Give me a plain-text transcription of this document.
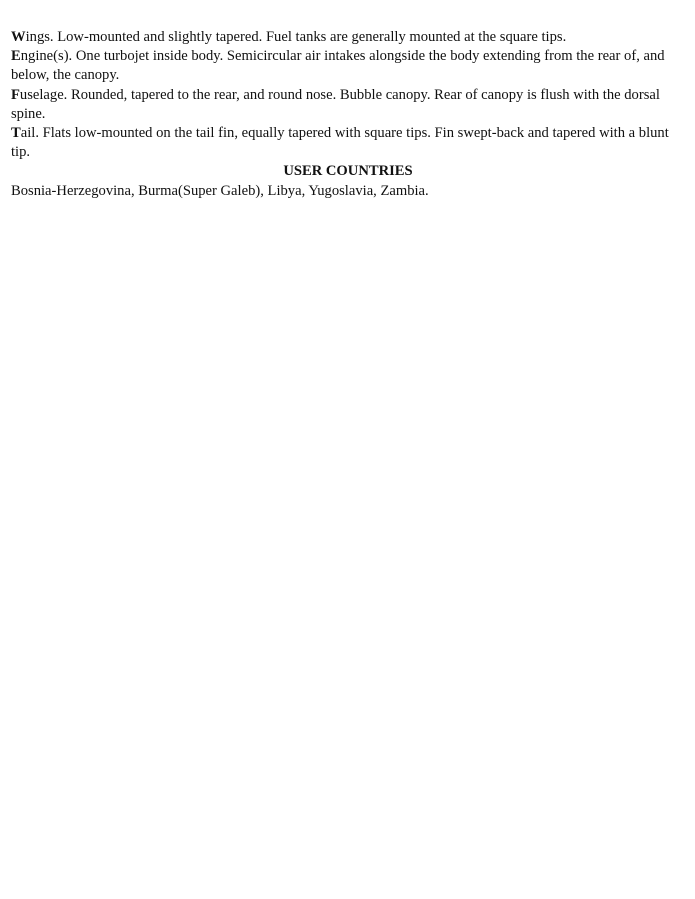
Wings. Low-mounted and slightly tapered. Fuel tanks are generally mounted at the square tips.

Engine(s). One turbojet inside body. Semicircular air intakes alongside the body extending from the rear of, and below, the canopy.

Fuselage. Rounded, tapered to the rear, and round nose. Bubble canopy. Rear of canopy is flush with the dorsal spine.

Tail. Flats low-mounted on the tail fin, equally tapered with square tips. Fin swept-back and tapered with a blunt tip.

USER COUNTRIES

Bosnia-Herzegovina, Burma(Super Galeb), Libya, Yugoslavia, Zambia.
